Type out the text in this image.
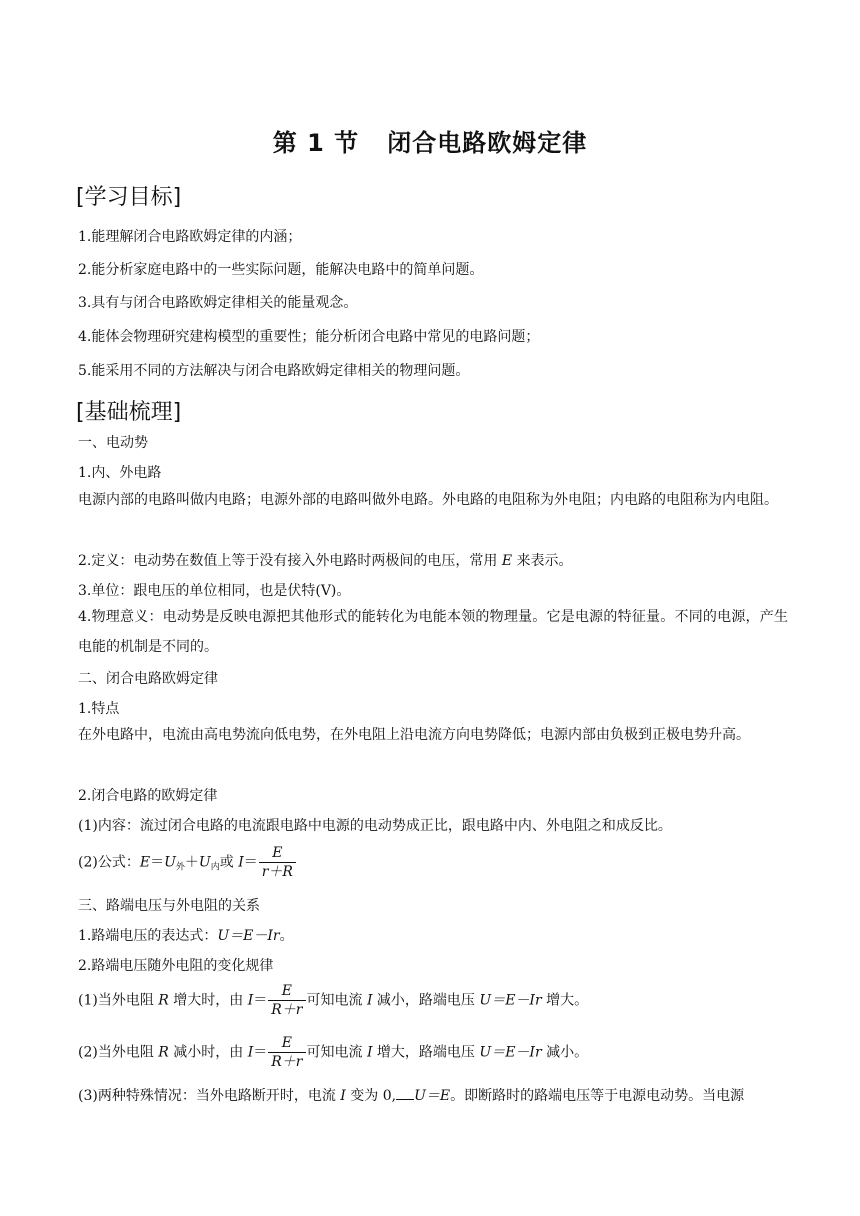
第 1 节   闭合电路欧姆定律
[学习目标]
1.能理解闭合电路欧姆定律的内涵；
2.能分析家庭电路中的一些实际问题，能解决电路中的简单问题。
3.具有与闭合电路欧姆定律相关的能量观念。
4.能体会物理研究建构模型的重要性；能分析闭合电路中常见的电路问题；
5.能采用不同的方法解决与闭合电路欧姆定律相关的物理问题。
[基础梳理]
一、电动势
1.内、外电路
电源内部的电路叫做内电路；电源外部的电路叫做外电路。外电路的电阻称为外电阻；内电路的电阻称为内电阻。
2.定义：电动势在数值上等于没有接入外电路时两极间的电压，常用 E 来表示。
3.单位：跟电压的单位相同，也是伏特(V)。
4.物理意义：电动势是反映电源把其他形式的能转化为电能本领的物理量。它是电源的特征量。不同的电源，产生电能的机制是不同的。
二、闭合电路欧姆定律
1.特点
在外电路中，电流由高电势流向低电势，在外电阻上沿电流方向电势降低；电源内部由负极到正极电势升高。
2.闭合电路的欧姆定律
(1)内容：流过闭合电路的电流跟电路中电源的电动势成正比，跟电路中内、外电阻之和成反比。
(2)公式：$E=U_外+U_内$或 $I= \frac{E}{r+R}$
三、路端电压与外电阻的关系
1.路端电压的表达式：U＝E－Ir。
2.路端电压随外电阻的变化规律
(1)当外电阻 R 增大时，由 $I= \frac{E}{R+r}$ 可知电流 I 减小，路端电压 U＝E－Ir 增大。
(2)当外电阻 R 减小时，由 $I= \frac{E}{R+r}$ 可知电流 I 增大，路端电压 U＝E－Ir 减小。
(3)两种特殊情况：当外电路断开时，电流 I 变为 0, U＝E。即断路时的路端电压等于电源电动势。当电源
